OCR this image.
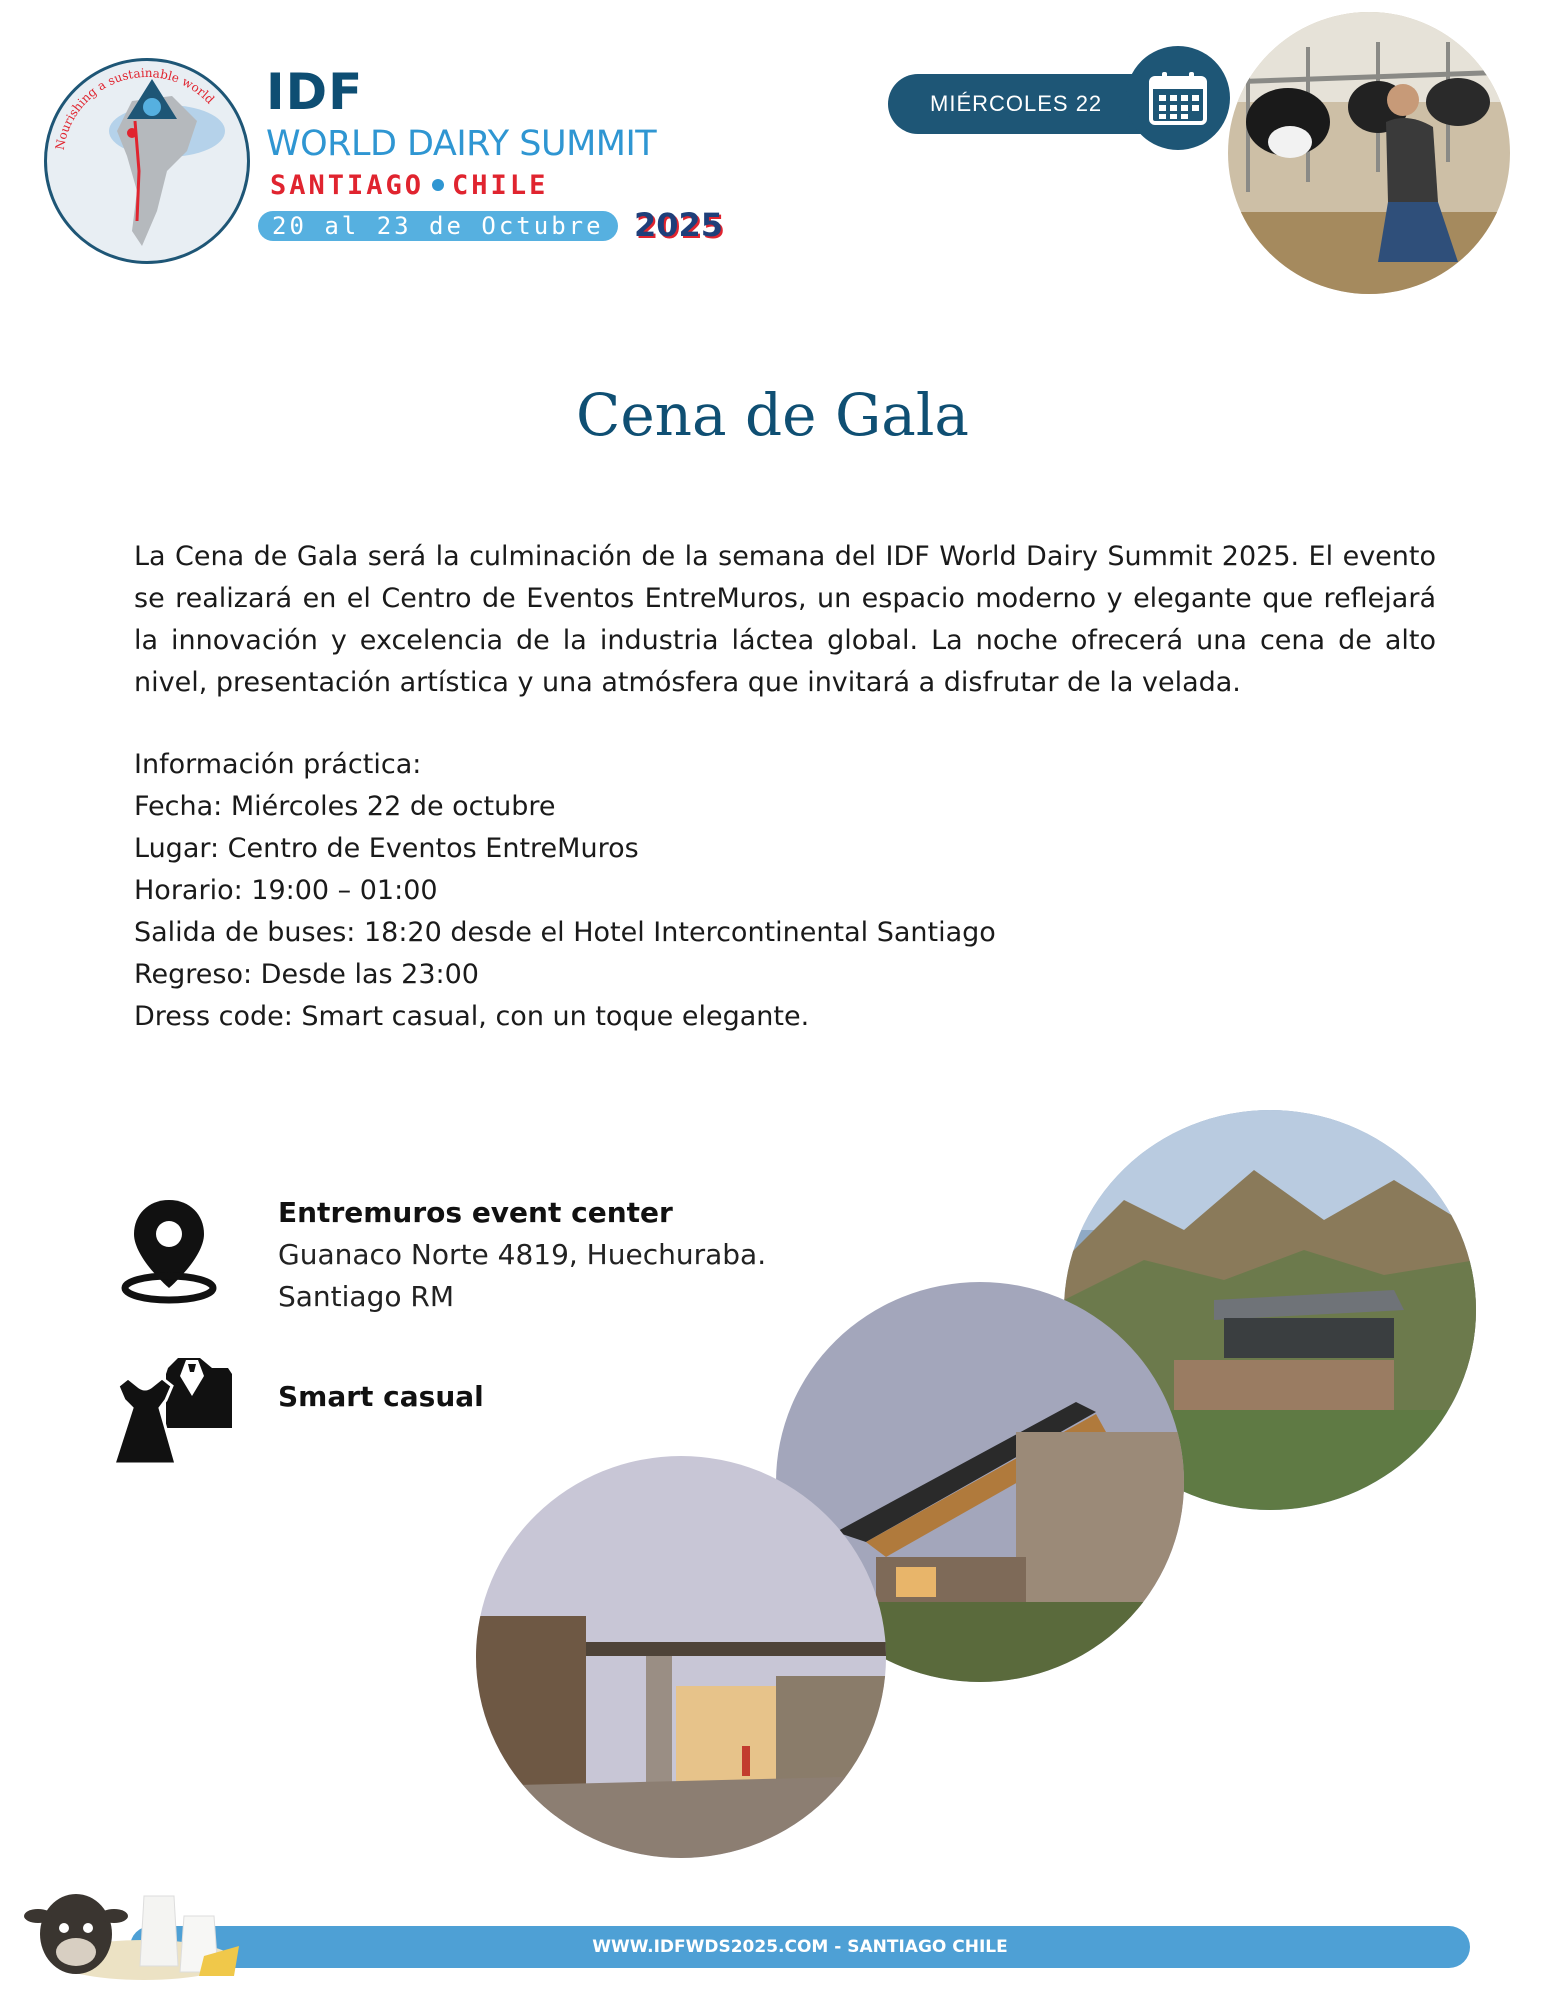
Nourishing a sustainable world IDF
WORLD DAIRY SUMMIT
SANTIAGO CHILE
20 al 23 de Octubre 2025
MIÉRCOLES 22
Cena de Gala

La Cena de Gala será la culminación de la semana del IDF World Dairy Summit 2025. El evento se realizará en el Centro de Eventos EntreMuros, un espacio moderno y elegante que reflejará la innovación y excelencia de la industria láctea global. La noche ofrecerá una cena de alto nivel, presentación artística y una atmósfera que invitará a disfrutar de la velada.

Información práctica:
Fecha: Miércoles 22 de octubre
Lugar: Centro de Eventos EntreMuros
Horario: 19:00 – 01:00
Salida de buses: 18:20 desde el Hotel Intercontinental Santiago
Regreso: Desde las 23:00
Dress code: Smart casual, con un toque elegante.
Entremuros event center
Guanaco Norte 4819, Huechuraba.
Santiago RM
Smart casual
WWW.IDFWDS2025.COM - SANTIAGO CHILE
